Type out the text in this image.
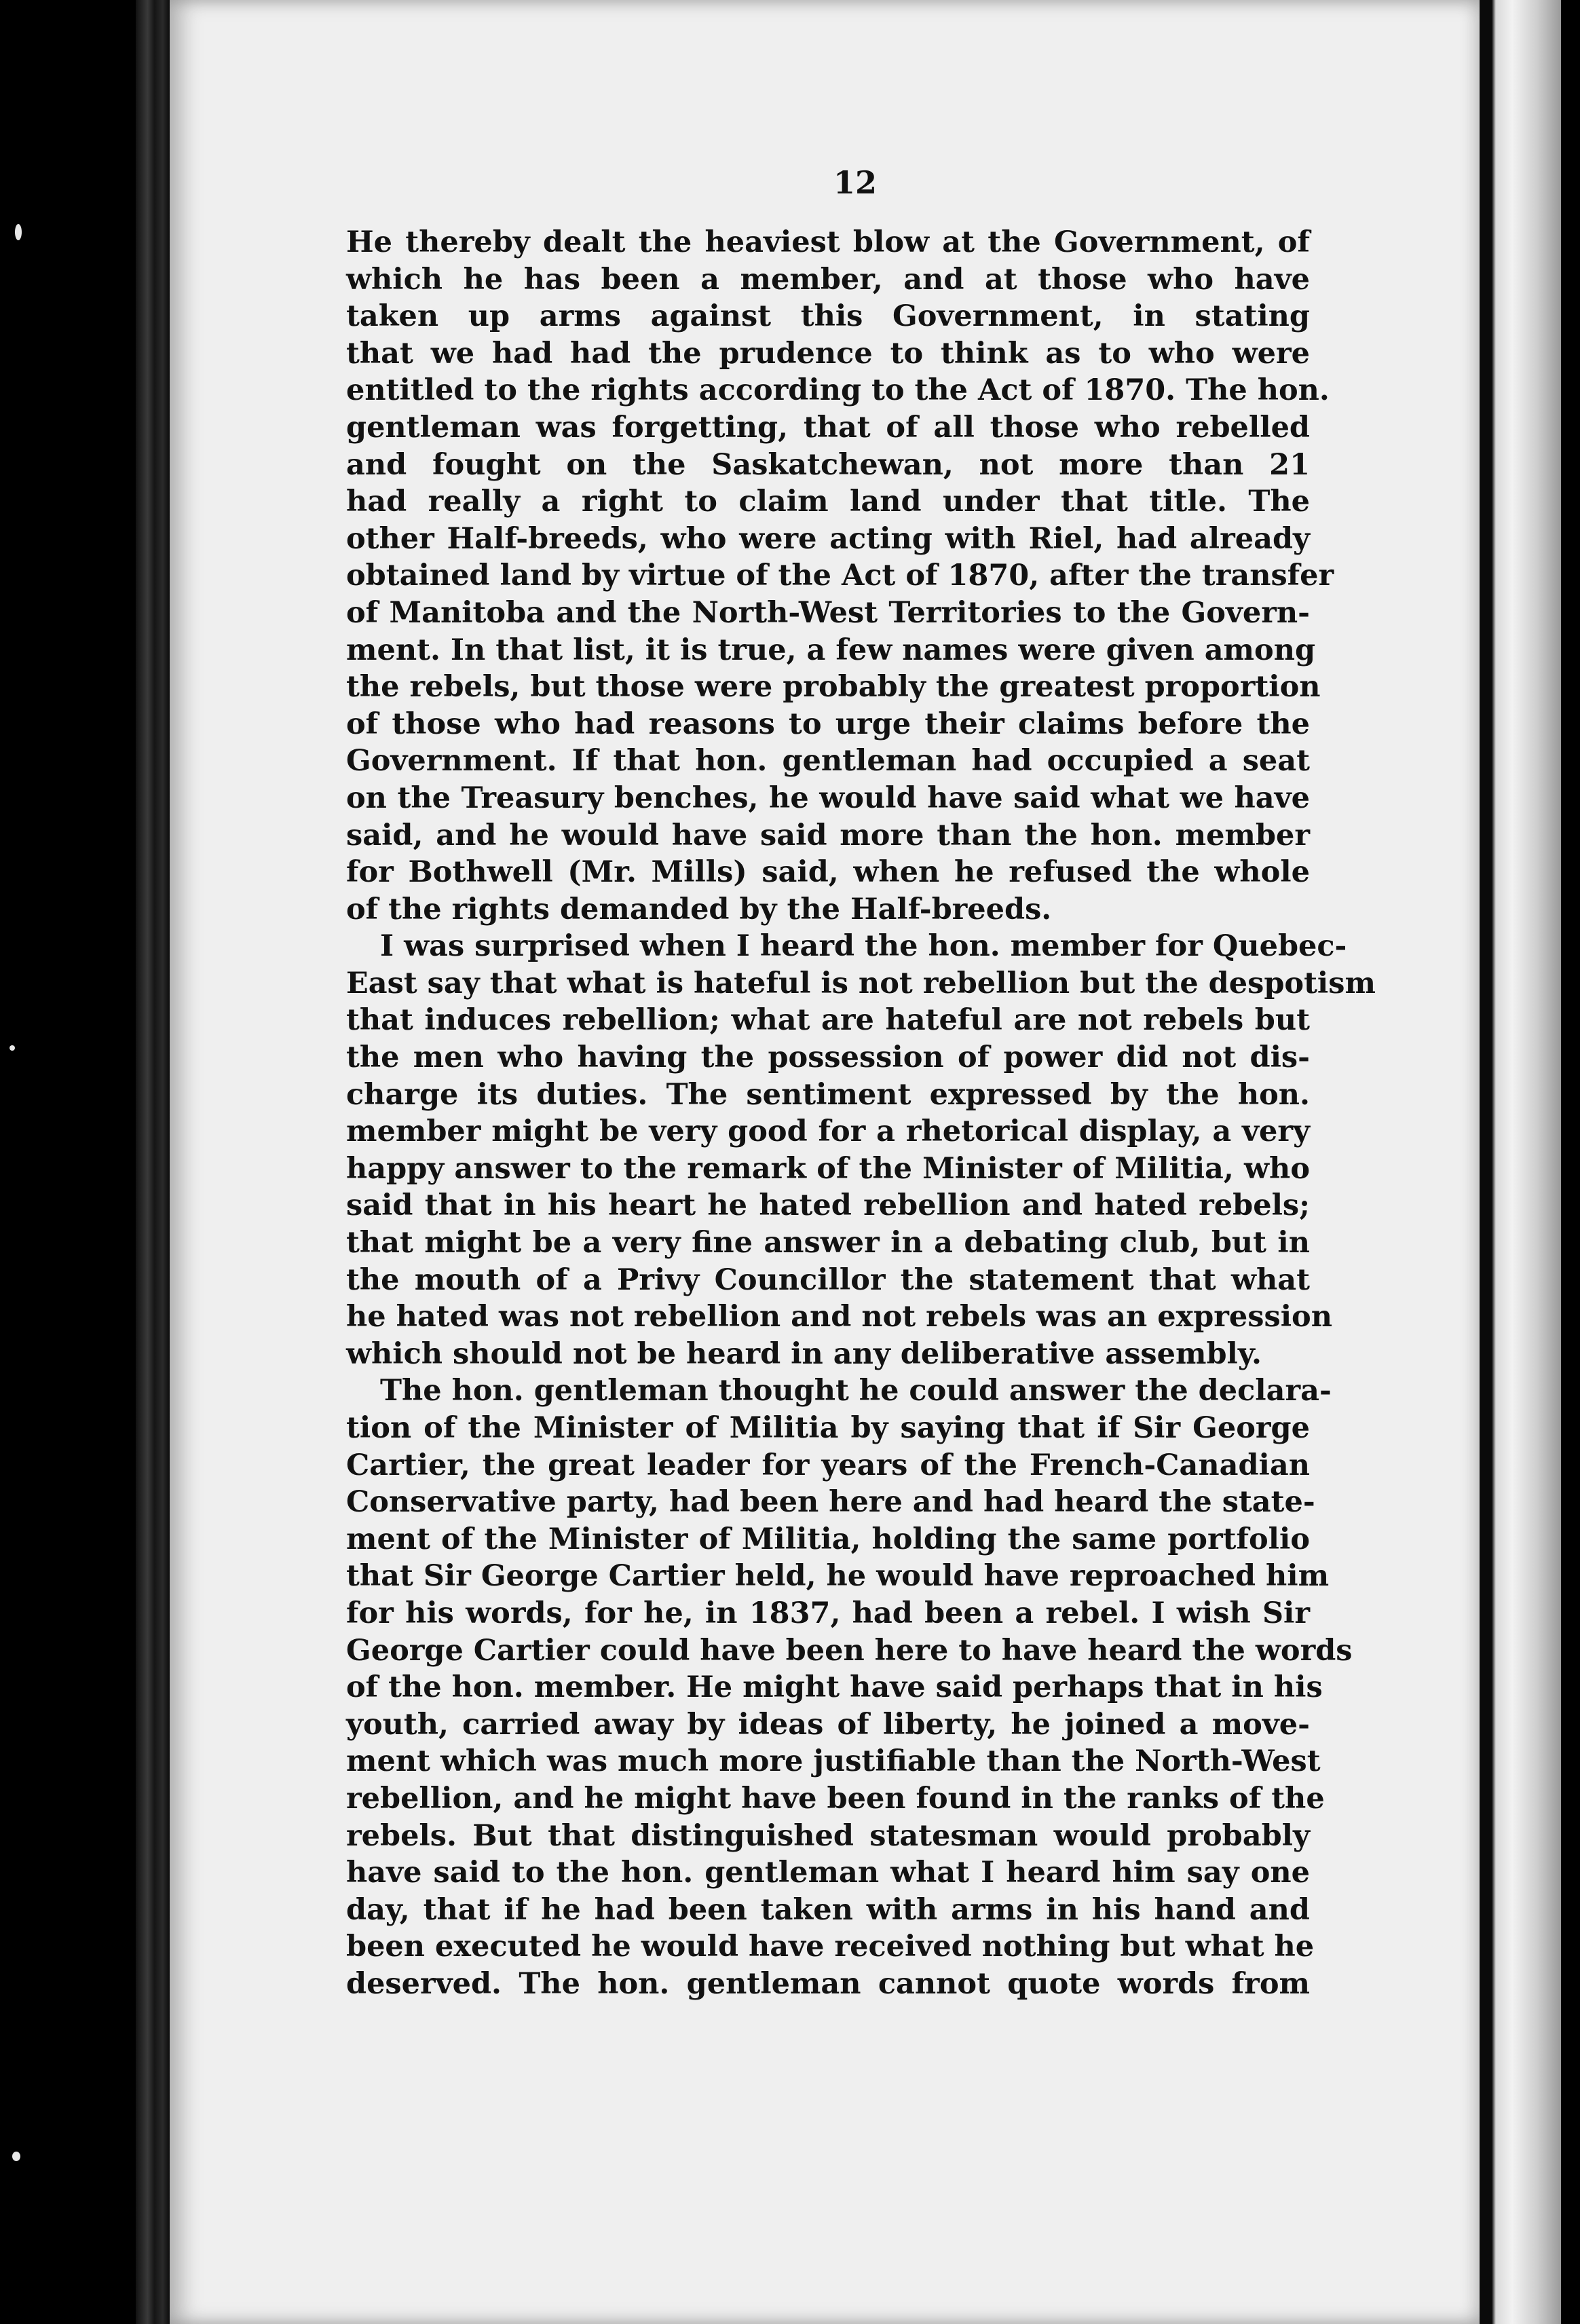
12
He thereby dealt the heaviest blow at the Government, of
which he has been a member, and at those who have
taken up arms against this Government, in stating
that we had had the prudence to think as to who were
entitled to the rights according to the Act of 1870. The hon.
gentleman was forgetting, that of all those who rebelled
and fought on the Saskatchewan, not more than 21
had really a right to claim land under that title. The
other Half-breeds, who were acting with Riel, had already
obtained land by virtue of the Act of 1870, after the transfer
of Manitoba and the North-West Territories to the Govern-
ment. In that list, it is true, a few names were given among
the rebels, but those were probably the greatest proportion
of those who had reasons to urge their claims before the
Government. If that hon. gentleman had occupied a seat
on the Treasury benches, he would have said what we have
said, and he would have said more than the hon. member
for Bothwell (Mr. Mills) said, when he refused the whole
of the rights demanded by the Half-breeds.
I was surprised when I heard the hon. member for Quebec-
East say that what is hateful is not rebellion but the despotism
that induces rebellion; what are hateful are not rebels but
the men who having the possession of power did not dis-
charge its duties. The sentiment expressed by the hon.
member might be very good for a rhetorical display, a very
happy answer to the remark of the Minister of Militia, who
said that in his heart he hated rebellion and hated rebels;
that might be a very fine answer in a debating club, but in
the mouth of a Privy Councillor the statement that what
he hated was not rebellion and not rebels was an expression
which should not be heard in any deliberative assembly.
The hon. gentleman thought he could answer the declara-
tion of the Minister of Militia by saying that if Sir George
Cartier, the great leader for years of the French-Canadian
Conservative party, had been here and had heard the state-
ment of the Minister of Militia, holding the same portfolio
that Sir George Cartier held, he would have reproached him
for his words, for he, in 1837, had been a rebel. I wish Sir
George Cartier could have been here to have heard the words
of the hon. member. He might have said perhaps that in his
youth, carried away by ideas of liberty, he joined a move-
ment which was much more justifiable than the North-West
rebellion, and he might have been found in the ranks of the
rebels. But that distinguished statesman would probably
have said to the hon. gentleman what I heard him say one
day, that if he had been taken with arms in his hand and
been executed he would have received nothing but what he
deserved. The hon. gentleman cannot quote words from
